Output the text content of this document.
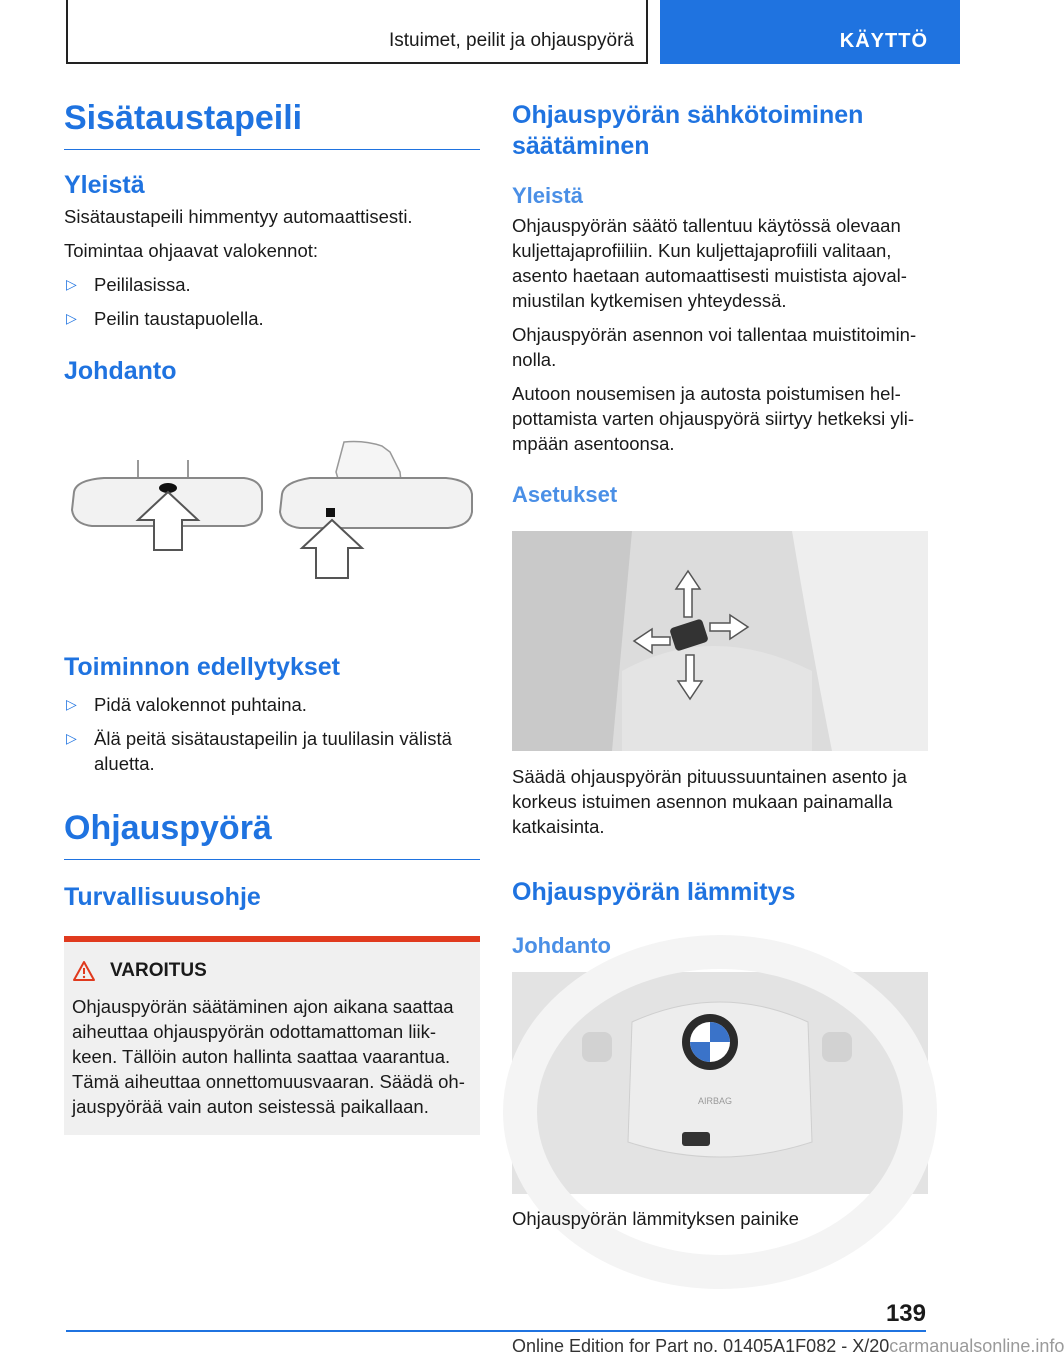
Istuimet, peilit ja ohjauspyörä	KÄYTTÖ
Sisätaustapeili
Yleistä

Sisätaustapeili himmentyy automaattisesti.

Toimintaa ohjaavat valokennot:

▷ Peililasissa.
▷ Peilin taustapuolella.
Johdanto
Toiminnon edellytykset
▷ Pidä valokennot puhtaina.
▷ Älä peitä sisätaustapeilin ja tuulilasin välistä aluetta.
Ohjauspyörä
Turvallisuusohje
VAROITUS

Ohjauspyörän säätäminen ajon aikana saattaa aiheuttaa ohjauspyörän odottamattoman liikkeen. Tällöin auton hallinta saattaa vaarantua. Tämä aiheuttaa onnettomuusvaaran. Säädä ohjauspyörää vain auton seistessä paikallaan.

Ohjauspyörän sähkötoiminen säätäminen
Yleistä

Ohjauspyörän säätö tallentuu käytössä olevaan kuljettajaprofiiliin. Kun kuljettajaprofiili valitaan, asento haetaan automaattisesti muistista ajovalmiustilan kytkemisen yhteydessä.

Ohjauspyörän asennon voi tallentaa muistitoiminnolla.

Autoon nousemisen ja autosta poistumisen helpottamista varten ohjauspyörä siirtyy hetkeksi ylimpään asentoonsa.

Asetukset

Säädä ohjauspyörän pituussuuntainen asento ja korkeus istuimen asennon mukaan painamalla katkaisinta.

Ohjauspyörän lämmitys
Johdanto
AIRBAG

Ohjauspyörän lämmityksen painike

139
Online Edition for Part no. 01405A1F082 - X/20carmanualsonline.info
